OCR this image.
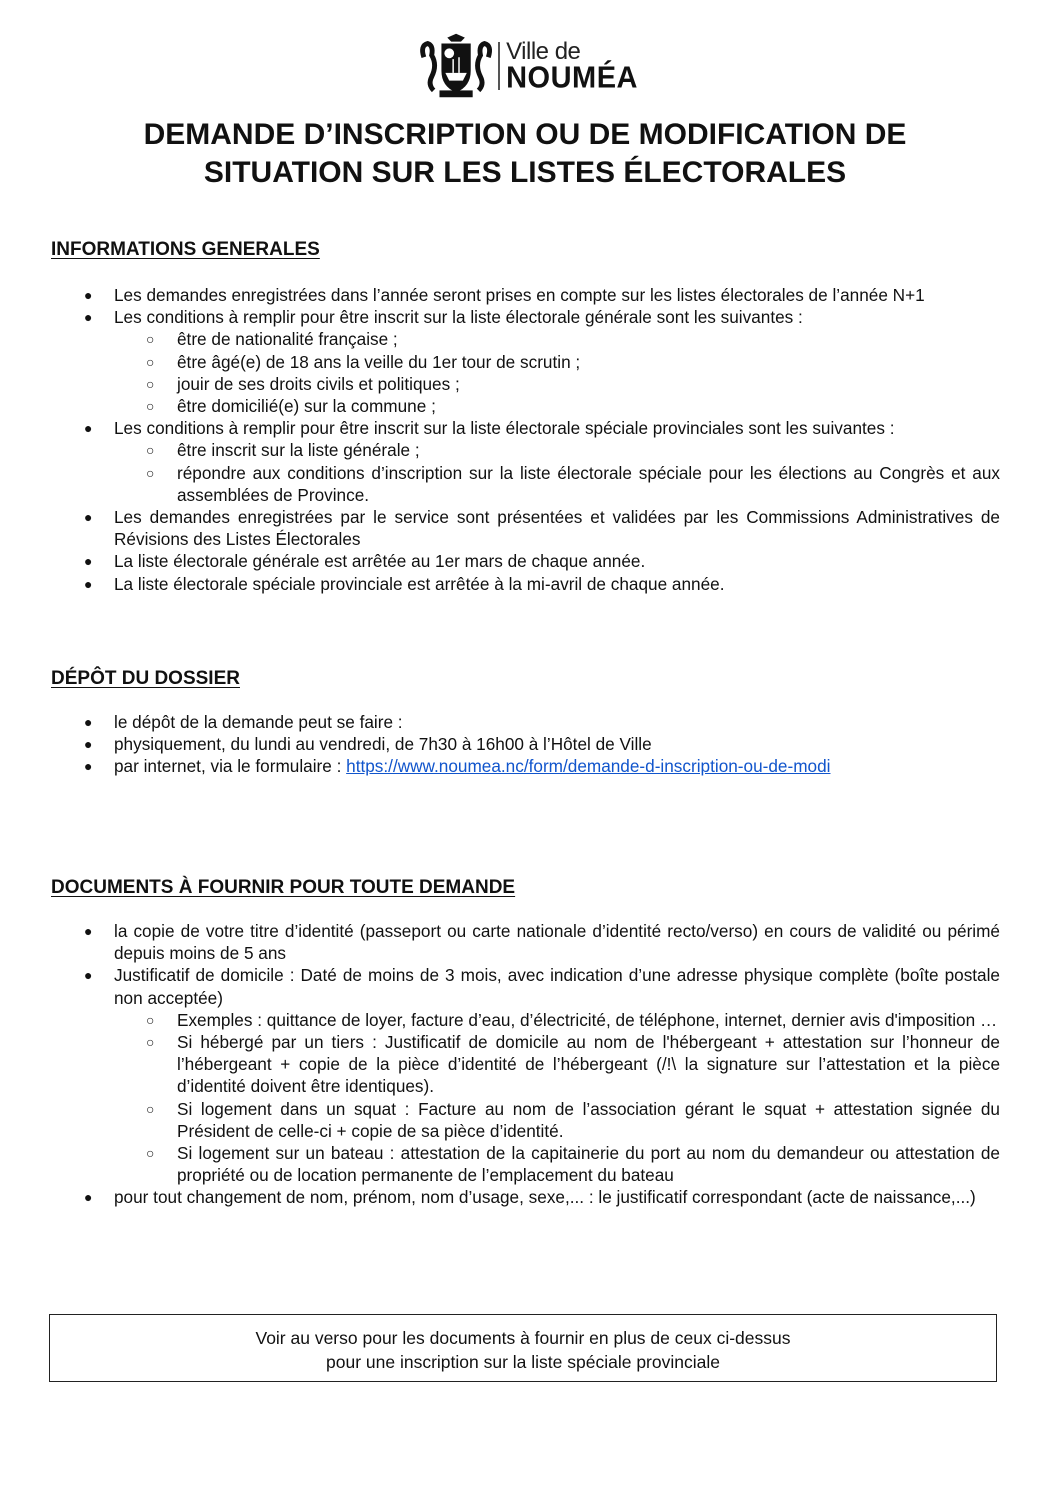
Ville de
NOUMÉA
DEMANDE D’INSCRIPTION OU DE MODIFICATION DE
SITUATION SUR LES LISTES ÉLECTORALES
INFORMATIONS GENERALES
● Les demandes enregistrées dans l’année seront prises en compte sur les listes électorales de l’année N+1
● Les conditions à remplir pour être inscrit sur la liste électorale générale sont les suivantes :
○ être de nationalité française ;
○ être âgé(e) de 18 ans la veille du 1er tour de scrutin ;
○ jouir de ses droits civils et politiques ;
○ être domicilié(e) sur la commune ;
● Les conditions à remplir pour être inscrit sur la liste électorale spéciale provinciales sont les suivantes :
○ être inscrit sur la liste générale ;
○ répondre aux conditions d’inscription sur la liste électorale spéciale pour les élections au Congrès et aux assemblées de Province.
● Les demandes enregistrées par le service sont présentées et validées par les Commissions Administratives de Révisions des Listes Électorales
● La liste électorale générale est arrêtée au 1er mars de chaque année.
● La liste électorale spéciale provinciale est arrêtée à la mi-avril de chaque année.
DÉPÔT DU DOSSIER
● le dépôt de la demande peut se faire :
● physiquement, du lundi au vendredi, de 7h30 à 16h00 à l’Hôtel de Ville
● par internet, via le formulaire : https://www.noumea.nc/form/demande-d-inscription-ou-de-modi
DOCUMENTS À FOURNIR POUR TOUTE DEMANDE
● la copie de votre titre d’identité (passeport ou carte nationale d’identité recto/verso) en cours de validité ou périmé depuis moins de 5 ans
● Justificatif de domicile : Daté de moins de 3 mois, avec indication d’une adresse physique complète (boîte postale non acceptée)
○ Exemples : quittance de loyer, facture d’eau, d’électricité, de téléphone, internet, dernier avis d'imposition …
○ Si hébergé par un tiers : Justificatif de domicile au nom de l'hébergeant + attestation sur l’honneur de l’hébergeant + copie de la pièce d’identité de l’hébergeant (/!\ la signature sur l’attestation et la pièce d’identité doivent être identiques).
○ Si logement dans un squat : Facture au nom de l’association gérant le squat + attestation signée du Président de celle-ci + copie de sa pièce d’identité.
○ Si logement sur un bateau : attestation de la capitainerie du port au nom du demandeur ou attestation de propriété ou de location permanente de l’emplacement du bateau
● pour tout changement de nom, prénom, nom d’usage, sexe,... : le justificatif correspondant (acte de naissance,...)
Voir au verso pour les documents à fournir en plus de ceux ci-dessus
pour une inscription sur la liste spéciale provinciale
